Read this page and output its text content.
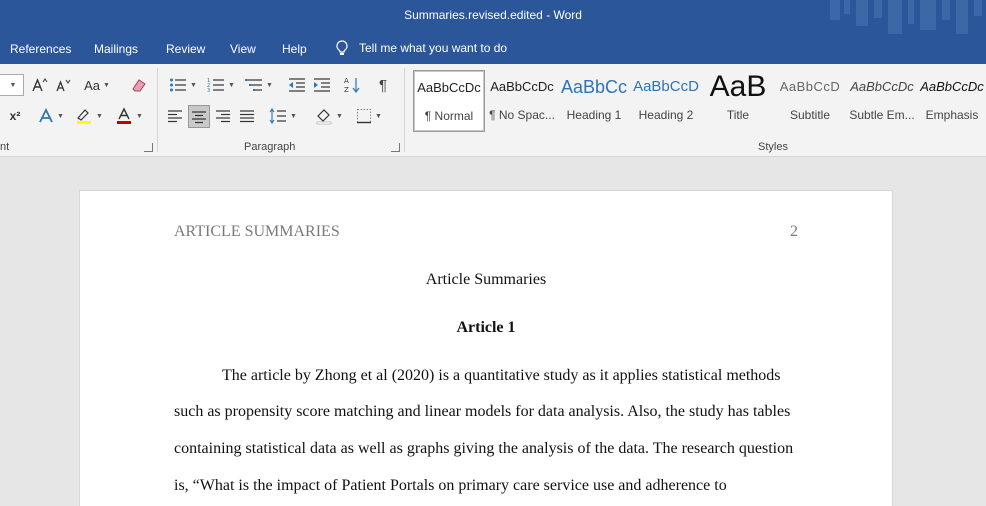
Summaries.revised.edited - Word
References Mailings Review View Help	Tell me what you want to do
▼	Aa ▼
x²	▼	▼	▼
nt
▼
1
2
3
▼	▼	A
Z ¶
▼	▼	▼
Paragraph
AaBbCcDc
¶ Normal
AaBbCcDc
¶ No Spac...
AaBbCc
Heading 1
AaBbCcD
Heading 2
AaB
Title
AaBbCcD
Subtitle
AaBbCcDc
Subtle Em...
AaBbCcDc
Emphasis
Styles
ARTICLE SUMMARIES	2
Article Summaries
Article 1
The article by Zhong et al (2020) is a quantitative study as it applies statistical methods
such as propensity score matching and linear models for data analysis. Also, the study has tables
containing statistical data as well as graphs giving the analysis of the data. The research question
is, “What is the impact of Patient Portals on primary care service use and adherence to
